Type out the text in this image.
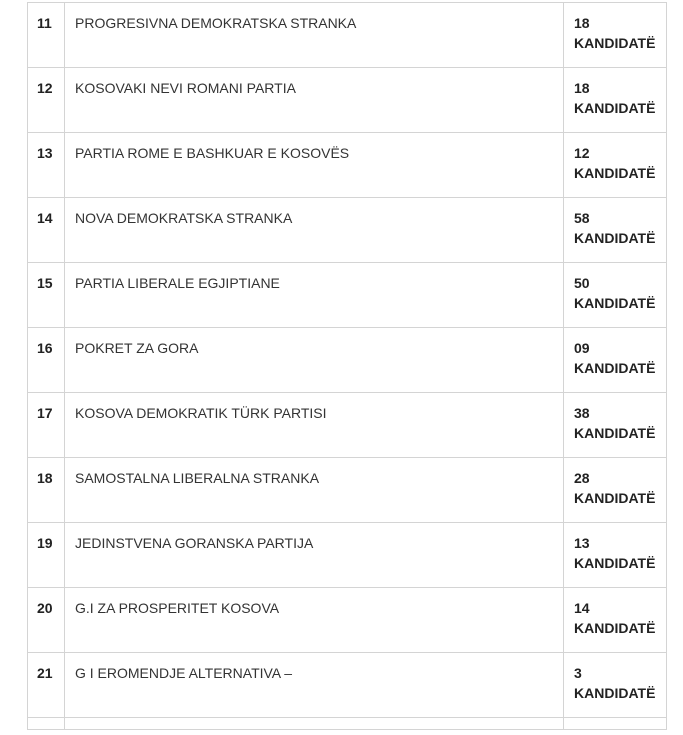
11	PROGRESIVNA DEMOKRATSKA STRANKA	18
KANDIDATË

12	KOSOVAKI NEVI ROMANI PARTIA	18
KANDIDATË

13	PARTIA ROME E BASHKUAR E KOSOVËS	12
KANDIDATË

14	NOVA DEMOKRATSKA STRANKA	58
KANDIDATË

15	PARTIA LIBERALE EGJIPTIANE	50
KANDIDATË

16	POKRET ZA GORA	09
KANDIDATË

17	KOSOVA DEMOKRATIK TÜRK PARTISI	38
KANDIDATË

18	SAMOSTALNA LIBERALNA STRANKA	28
KANDIDATË

19	JEDINSTVENA GORANSKA PARTIJA	13
KANDIDATË

20	G.I ZA PROSPERITET KOSOVA	14
KANDIDATË

21	G I EROMENDJE ALTERNATIVA –	3
KANDIDATË
